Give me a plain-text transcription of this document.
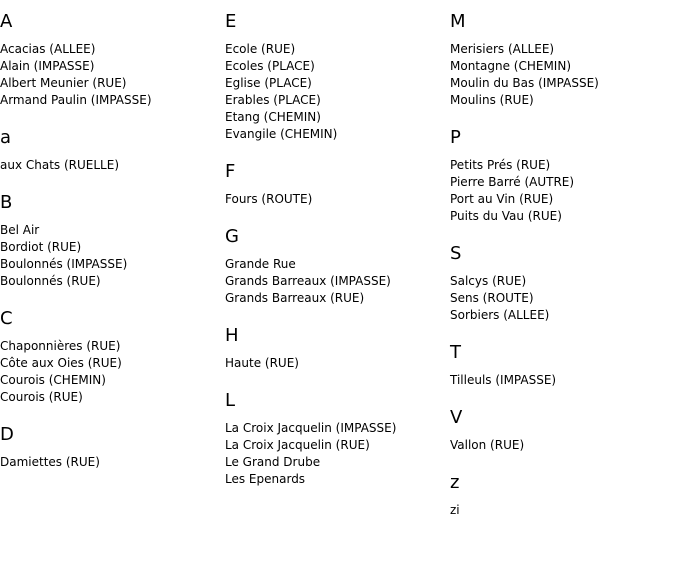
A
Acacias (ALLEE)
Alain (IMPASSE)
Albert Meunier (RUE)
Armand Paulin (IMPASSE)
a
aux Chats (RUELLE)
B
Bel Air
Bordiot (RUE)
Boulonnés (IMPASSE)
Boulonnés (RUE)
C
Chaponnières (RUE)
Côte aux Oies (RUE)
Courois (CHEMIN)
Courois (RUE)
D
Damiettes (RUE)
E
Ecole (RUE)
Ecoles (PLACE)
Eglise (PLACE)
Erables (PLACE)
Etang (CHEMIN)
Evangile (CHEMIN)
F
Fours (ROUTE)
G
Grande Rue
Grands Barreaux (IMPASSE)
Grands Barreaux (RUE)
H
Haute (RUE)
L
La Croix Jacquelin (IMPASSE)
La Croix Jacquelin (RUE)
Le Grand Drube
Les Epenards
M
Merisiers (ALLEE)
Montagne (CHEMIN)
Moulin du Bas (IMPASSE)
Moulins (RUE)
P
Petits Prés (RUE)
Pierre Barré (AUTRE)
Port au Vin (RUE)
Puits du Vau (RUE)
S
Salcys (RUE)
Sens (ROUTE)
Sorbiers (ALLEE)
T
Tilleuls (IMPASSE)
V
Vallon (RUE)
z
zi
